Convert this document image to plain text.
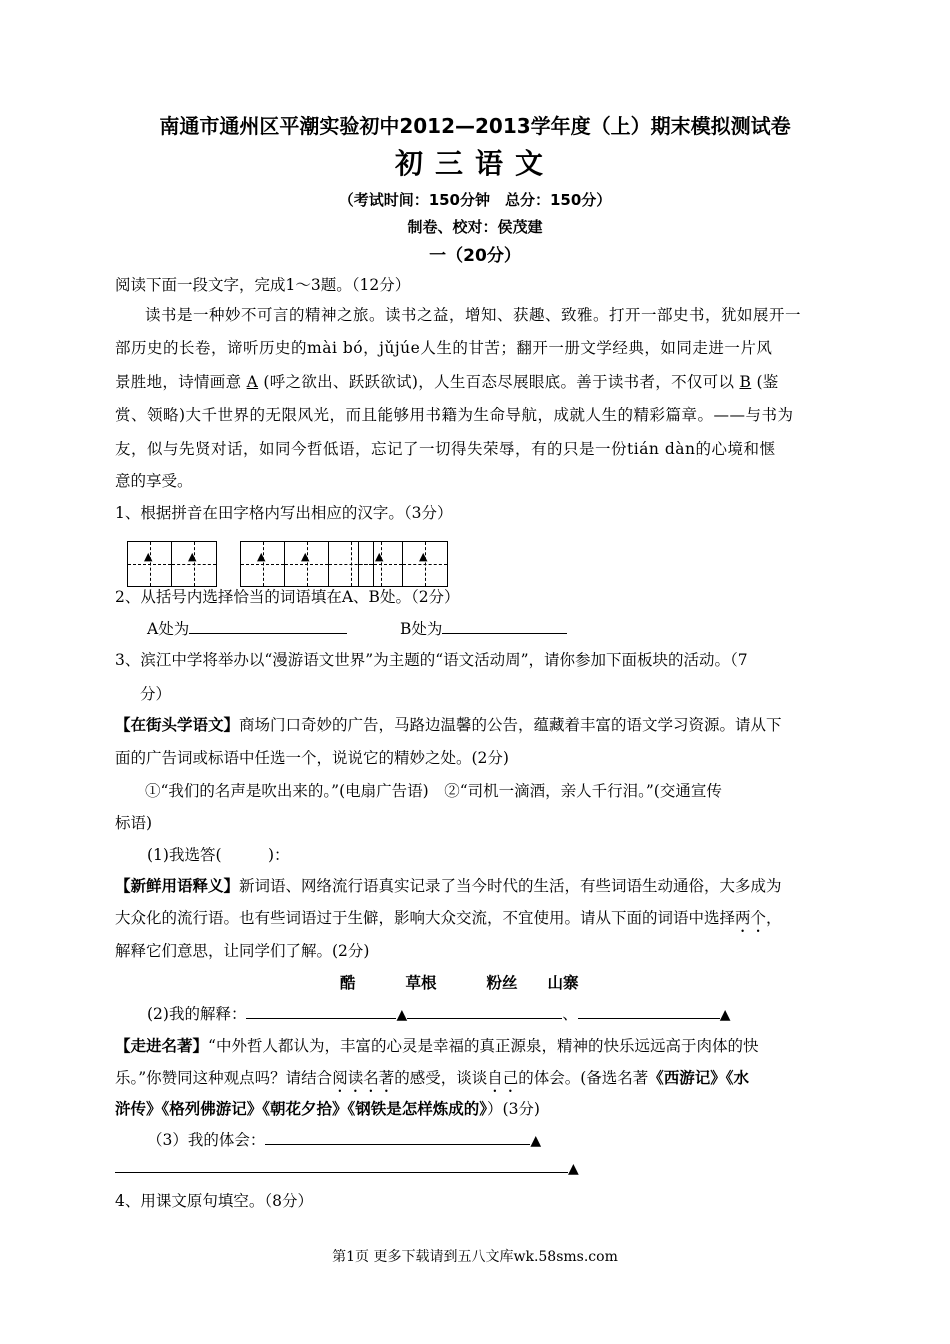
南通市通州区平潮实验初中2012—2013学年度（上）期末模拟测试卷
初三语文
（考试时间：150分钟　总分：150分）
制卷、校对：侯茂建
一（20分）
阅读下面一段文字，完成1～3题。（12分）
读书是一种妙不可言的精神之旅。读书之益，增知、获趣、致雅。打开一部史书，犹如展开一
部历史的长卷，谛听历史的mài bó，jǔjúe人生的甘苦；翻开一册文学经典，如同走进一片风
景胜地，诗情画意 A (呼之欲出、跃跃欲试)，人生百态尽展眼底。善于读书者，不仅可以 B (鉴
赏、领略)大千世界的无限风光，而且能够用书籍为生命导航，成就人生的精彩篇章。——与书为
友，似与先贤对话，如同今哲低语，忘记了一切得失荣辱，有的只是一份tián dàn的心境和惬
意的享受。
1、根据拼音在田字格内写出相应的汉字。（3分）
▲	▲	▲	▲	▲	▲
2、从括号内选择恰当的词语填在A、B处。（2分）
A处为	B处为
3、滨江中学将举办以“漫游语文世界”为主题的“语文活动周”，请你参加下面板块的活动。（7
分）
【在街头学语文】商场门口奇妙的广告，马路边温馨的公告，蕴藏着丰富的语文学习资源。请从下
面的广告词或标语中任选一个，说说它的精妙之处。(2分)
①“我们的名声是吹出来的。”(电扇广告语)　②“司机一滴酒，亲人千行泪。”(交通宣传
标语)
(1)我选答(　　　)：
【新鲜用语释义】新词语、网络流行语真实记录了当今时代的生活，有些词语生动通俗，大多成为
大众化的流行语。也有些词语过于生僻，影响大众交流，不宜使用。请从下面的词语中选择两个，
解释它们意思，让同学们了解。(2分)
酷	草根	粉丝 山寨
(2)我的解释：	▲	、	▲
【走进名著】“中外哲人都认为，丰富的心灵是幸福的真正源泉，精神的快乐远远高于肉体的快
乐。”你赞同这种观点吗？请结合阅读名著的感受，谈谈自己的体会。(备选名著《西游记》《水
浒传》《格列佛游记》《朝花夕拾》《钢铁是怎样炼成的》）(3分)
（3）我的体会：	▲
▲
4、用课文原句填空。（8分）
第1页 更多下载请到五八文库wk.58sms.com
